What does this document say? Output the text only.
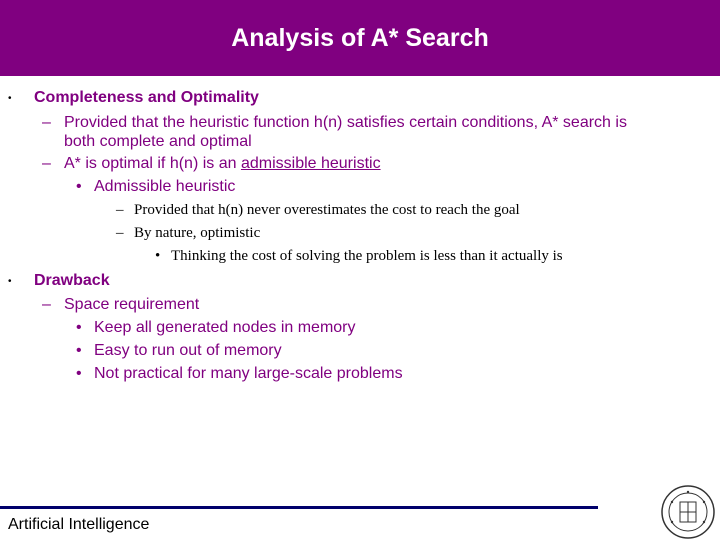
Analysis of A* Search
• Completeness and Optimality
– Provided that the heuristic function h(n) satisfies certain conditions, A* search is
both complete and optimal
– A* is optimal if h(n) is an admissible heuristic
• Admissible heuristic
– Provided that h(n) never overestimates the cost to reach the goal
– By nature, optimistic
• Thinking the cost of solving the problem is less than it actually is
• Drawback
– Space requirement
• Keep all generated nodes in memory
• Easy to run out of memory
• Not practical for many large-scale problems
Artificial Intelligence
